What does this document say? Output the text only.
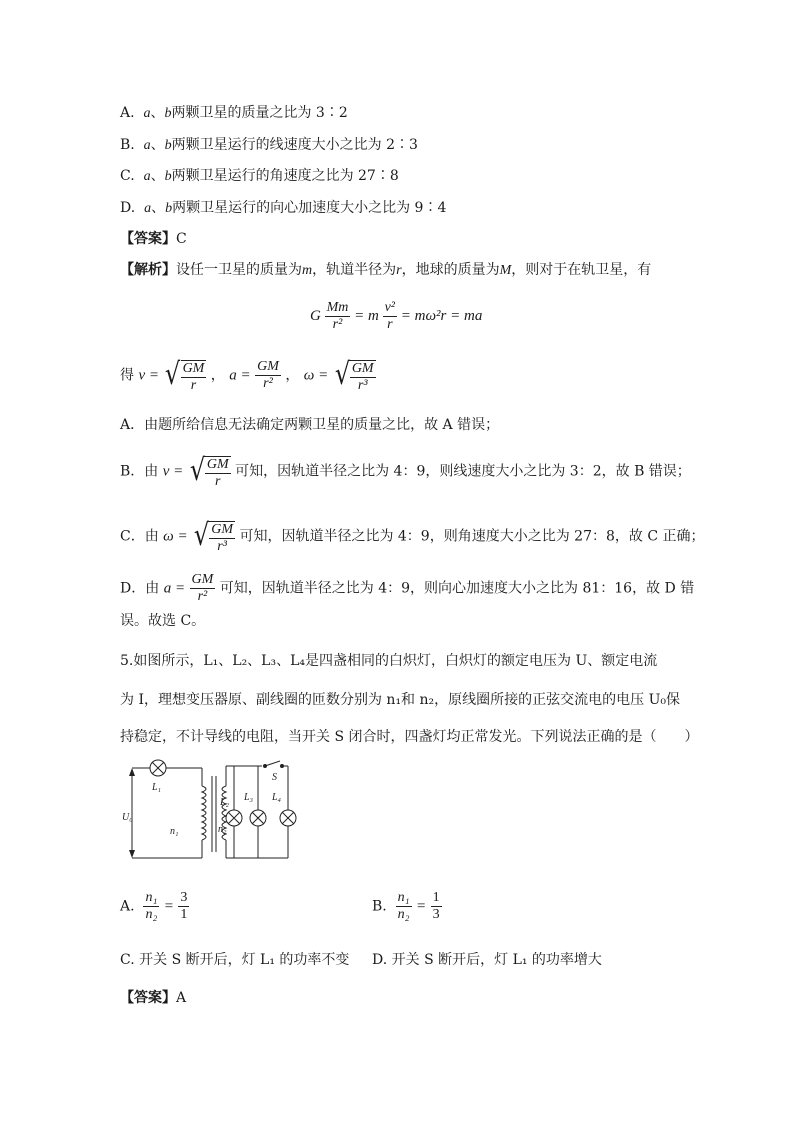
A. a、b两颗卫星的质量之比为 3∶2
B. a、b两颗卫星运行的线速度大小之比为 2∶3
C. a、b两颗卫星运行的角速度之比为 27∶8
D. a、b两颗卫星运行的向心加速度大小之比为 9∶4
【答案】C
【解析】设任一卫星的质量为m，轨道半径为r，地球的质量为M，则对于在轨卫星，有
G $\frac{Mm}{\text{r²}} = m \frac{\text{v²}}{r} = m\omega^2r$ = ma
得 v = √ $\frac{GM}{r}$ ， $a = \frac{GM}{\text{r²}}$ ， ω = √ $\frac{GM}{\text{r³}}$
A．由题所给信息无法确定两颗卫星的质量之比，故 A 错误；
B．由 v = √ $\frac{GM}{r}$ 可知，因轨道半径之比为 4：9，则线速度大小之比为 3：2，故 B 错误；
C．由 ω = √ $\frac{GM}{\text{r³}}$ 可知，因轨道半径之比为 4：9，则角速度大小之比为 27：8，故 C 正确；
D．由 $a = \frac{GM}{\text{r²}}$ 可知，因轨道半径之比为 4：9，则向心加速度大小之比为 81：16，故 D 错
误。故选 C。
5.如图所示，L₁、L₂、L₃、L₄是四盏相同的白炽灯，白炽灯的额定电压为 U、额定电流
为 I，理想变压器原、副线圈的匝数分别为 n₁和 n₂，原线圈所接的正弦交流电的电压 U₀保
持稳定，不计导线的电阻，当开关 S 闭合时，四盏灯均正常发光。下列说法正确的是（　　）
L₁
U₀
n₁
L₂ L₃
n₂
S
L₄
A. $\frac{\text{n₁}}{\text{n₂}} = \frac{3}{1}$	B. $\frac{\text{n₁}}{\text{n₂}} = \frac{1}{3}$
C. 开关 S 断开后，灯 L₁ 的功率不变 D. 开关 S 断开后，灯 L₁ 的功率增大
【答案】A
